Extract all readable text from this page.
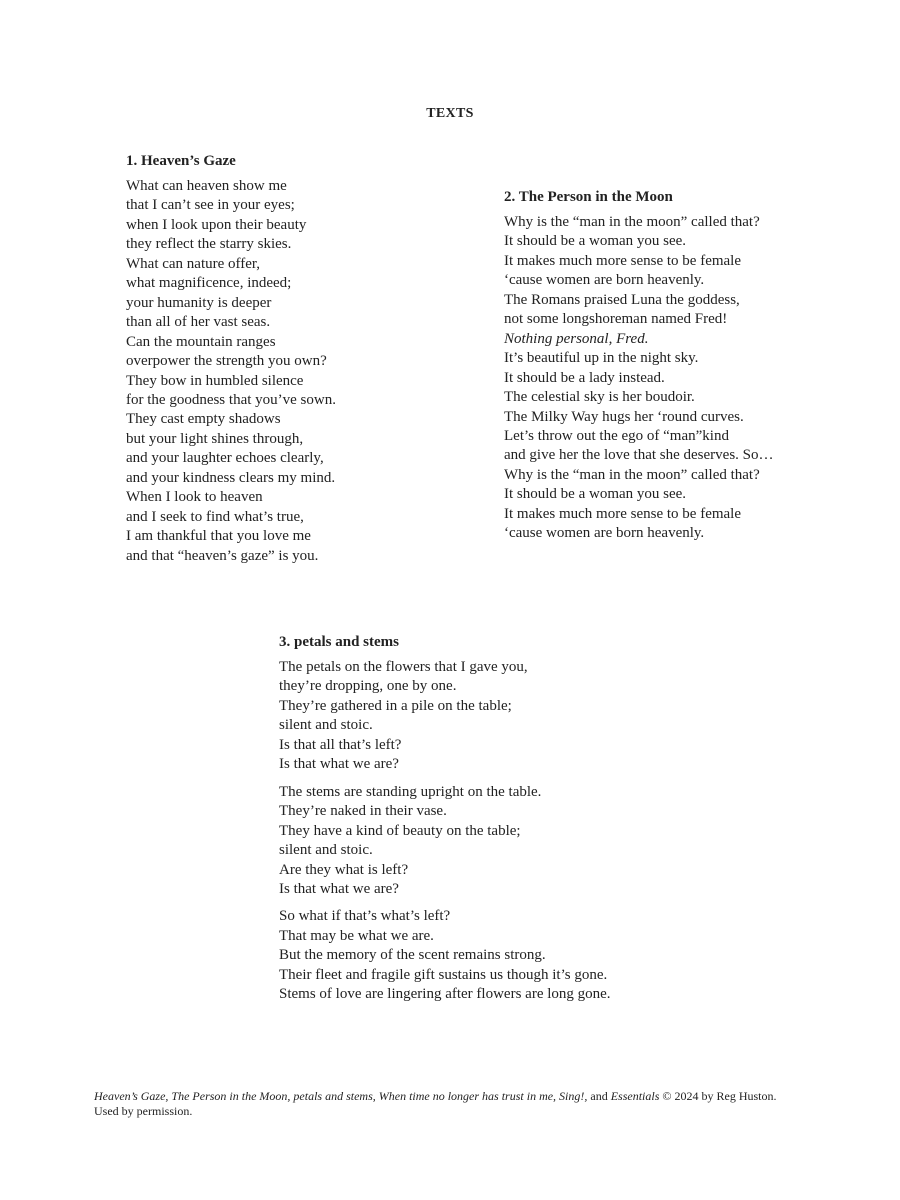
TEXTS
1. Heaven’s Gaze
What can heaven show me
that I can’t see in your eyes;
when I look upon their beauty
they reflect the starry skies.
What can nature offer,
what magnificence, indeed;
your humanity is deeper
than all of her vast seas.
Can the mountain ranges
overpower the strength you own?
They bow in humbled silence
for the goodness that you’ve sown.
They cast empty shadows
but your light shines through,
and your laughter echoes clearly,
and your kindness clears my mind.
When I look to heaven
and I seek to find what’s true,
I am thankful that you love me
and that “heaven’s gaze” is you.
2. The Person in the Moon
Why is the “man in the moon” called that?
It should be a woman you see.
It makes much more sense to be female
‘cause women are born heavenly.
The Romans praised Luna the goddess,
not some longshoreman named Fred!
Nothing personal, Fred.
It’s beautiful up in the night sky.
It should be a lady instead.
The celestial sky is her boudoir.
The Milky Way hugs her ‘round curves.
Let’s throw out the ego of “man”kind
and give her the love that she deserves. So…
Why is the “man in the moon” called that?
It should be a woman you see.
It makes much more sense to be female
‘cause women are born heavenly.
3. petals and stems
The petals on the flowers that I gave you,
they’re dropping, one by one.
They’re gathered in a pile on the table;
silent and stoic.
Is that all that’s left?
Is that what we are?
The stems are standing upright on the table.
They’re naked in their vase.
They have a kind of beauty on the table;
silent and stoic.
Are they what is left?
Is that what we are?
So what if that’s what’s left?
That may be what we are.
But the memory of the scent remains strong.
Their fleet and fragile gift sustains us though it’s gone.
Stems of love are lingering after flowers are long gone.
Heaven’s Gaze, The Person in the Moon, petals and stems, When time no longer has trust in me, Sing!, and Essentials © 2024 by Reg Huston.
Used by permission.
